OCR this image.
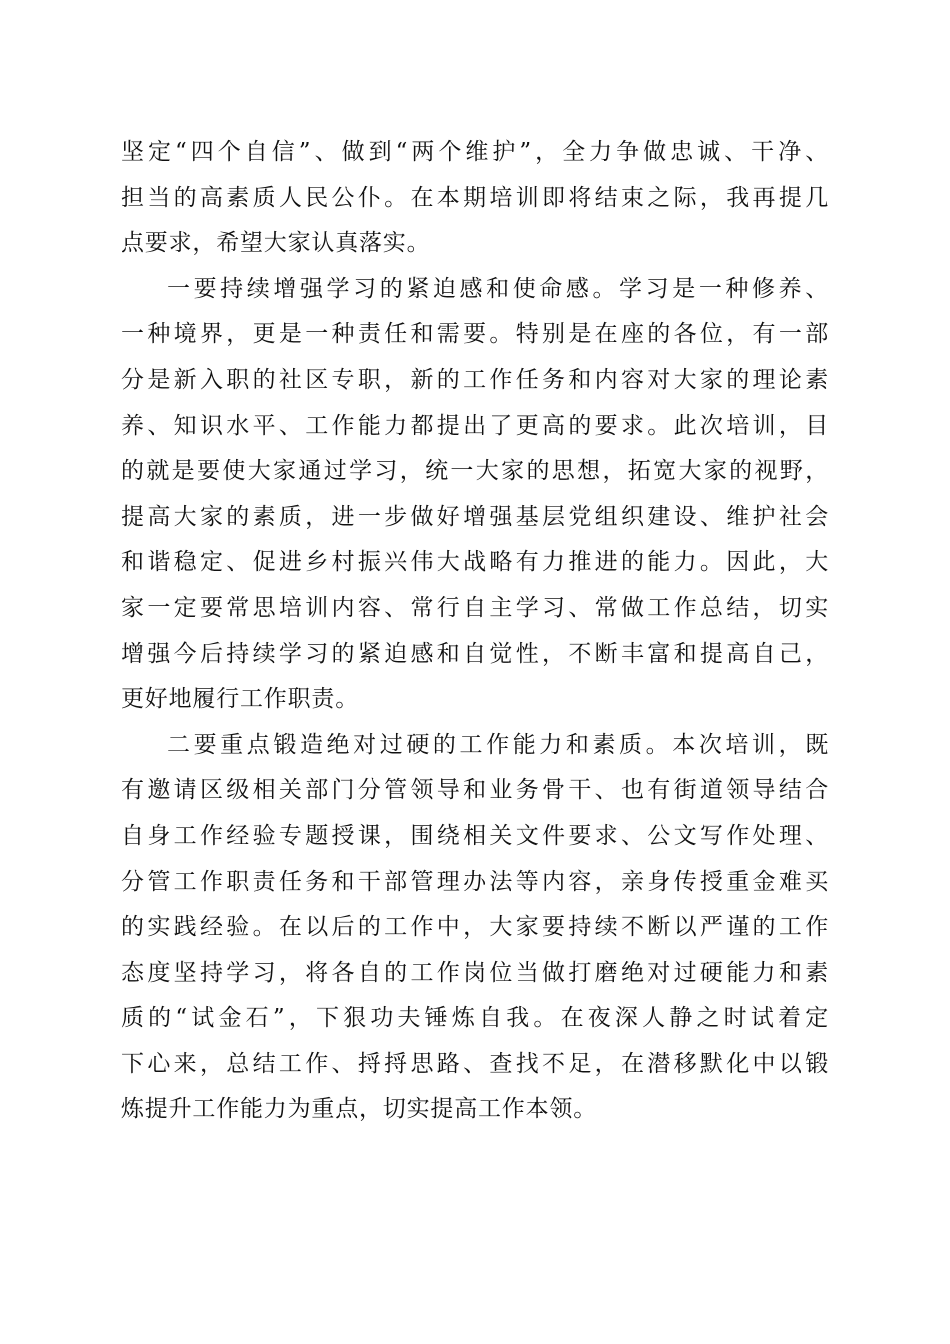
坚定“四个自信”、做到“两个维护”，全力争做忠诚、干净、
担当的高素质人民公仆。在本期培训即将结束之际，我再提几
点要求，希望大家认真落实。
一要持续增强学习的紧迫感和使命感。学习是一种修养、
一种境界，更是一种责任和需要。特别是在座的各位，有一部
分是新入职的社区专职，新的工作任务和内容对大家的理论素
养、知识水平、工作能力都提出了更高的要求。此次培训，目
的就是要使大家通过学习，统一大家的思想，拓宽大家的视野，
提高大家的素质，进一步做好增强基层党组织建设、维护社会
和谐稳定、促进乡村振兴伟大战略有力推进的能力。因此，大
家一定要常思培训内容、常行自主学习、常做工作总结，切实
增强今后持续学习的紧迫感和自觉性，不断丰富和提高自己，
更好地履行工作职责。
二要重点锻造绝对过硬的工作能力和素质。本次培训，既
有邀请区级相关部门分管领导和业务骨干、也有街道领导结合
自身工作经验专题授课，围绕相关文件要求、公文写作处理、
分管工作职责任务和干部管理办法等内容，亲身传授重金难买
的实践经验。在以后的工作中，大家要持续不断以严谨的工作
态度坚持学习，将各自的工作岗位当做打磨绝对过硬能力和素
质的“试金石”，下狠功夫锤炼自我。在夜深人静之时试着定
下心来，总结工作、捋捋思路、查找不足，在潜移默化中以锻
炼提升工作能力为重点，切实提高工作本领。
